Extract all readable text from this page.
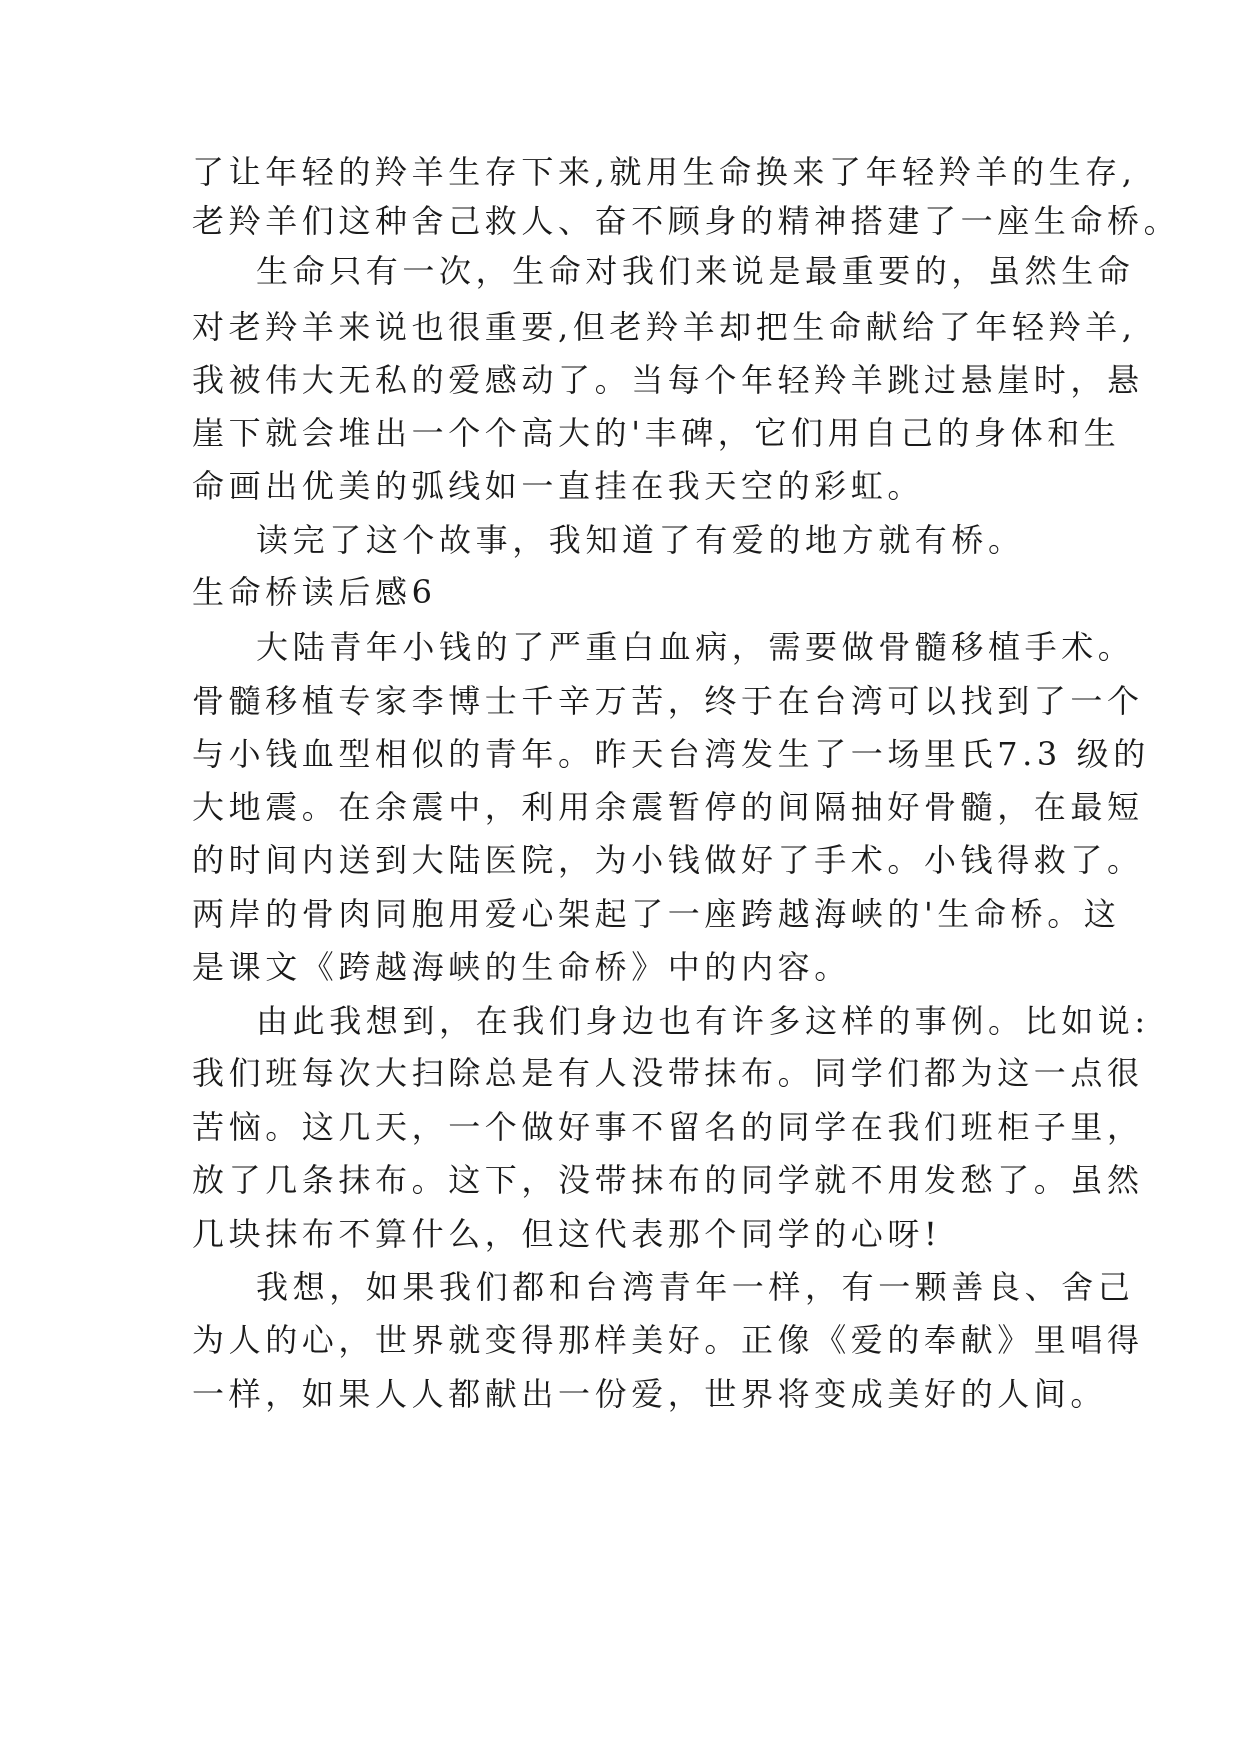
了让年轻的羚羊生存下来,就用生命换来了年轻羚羊的生存,
老羚羊们这种舍己救人、奋不顾身的精神搭建了一座生命桥。
生命只有一次，生命对我们来说是最重要的，虽然生命
对老羚羊来说也很重要,但老羚羊却把生命献给了年轻羚羊,
我被伟大无私的爱感动了。当每个年轻羚羊跳过悬崖时，悬
崖下就会堆出一个个高大的'丰碑，它们用自己的身体和生
命画出优美的弧线如一直挂在我天空的彩虹。
读完了这个故事，我知道了有爱的地方就有桥。
生命桥读后感6
大陆青年小钱的了严重白血病，需要做骨髓移植手术。
骨髓移植专家李博士千辛万苦，终于在台湾可以找到了一个
与小钱血型相似的青年。昨天台湾发生了一场里氏7.3 级的
大地震。在余震中，利用余震暂停的间隔抽好骨髓，在最短
的时间内送到大陆医院，为小钱做好了手术。小钱得救了。
两岸的骨肉同胞用爱心架起了一座跨越海峡的'生命桥。这
是课文《跨越海峡的生命桥》中的内容。
由此我想到，在我们身边也有许多这样的事例。比如说:
我们班每次大扫除总是有人没带抹布。同学们都为这一点很
苦恼。这几天，一个做好事不留名的同学在我们班柜子里，
放了几条抹布。这下，没带抹布的同学就不用发愁了。虽然
几块抹布不算什么，但这代表那个同学的心呀!
我想，如果我们都和台湾青年一样，有一颗善良、舍己
为人的心，世界就变得那样美好。正像《爱的奉献》里唱得
一样，如果人人都献出一份爱，世界将变成美好的人间。
